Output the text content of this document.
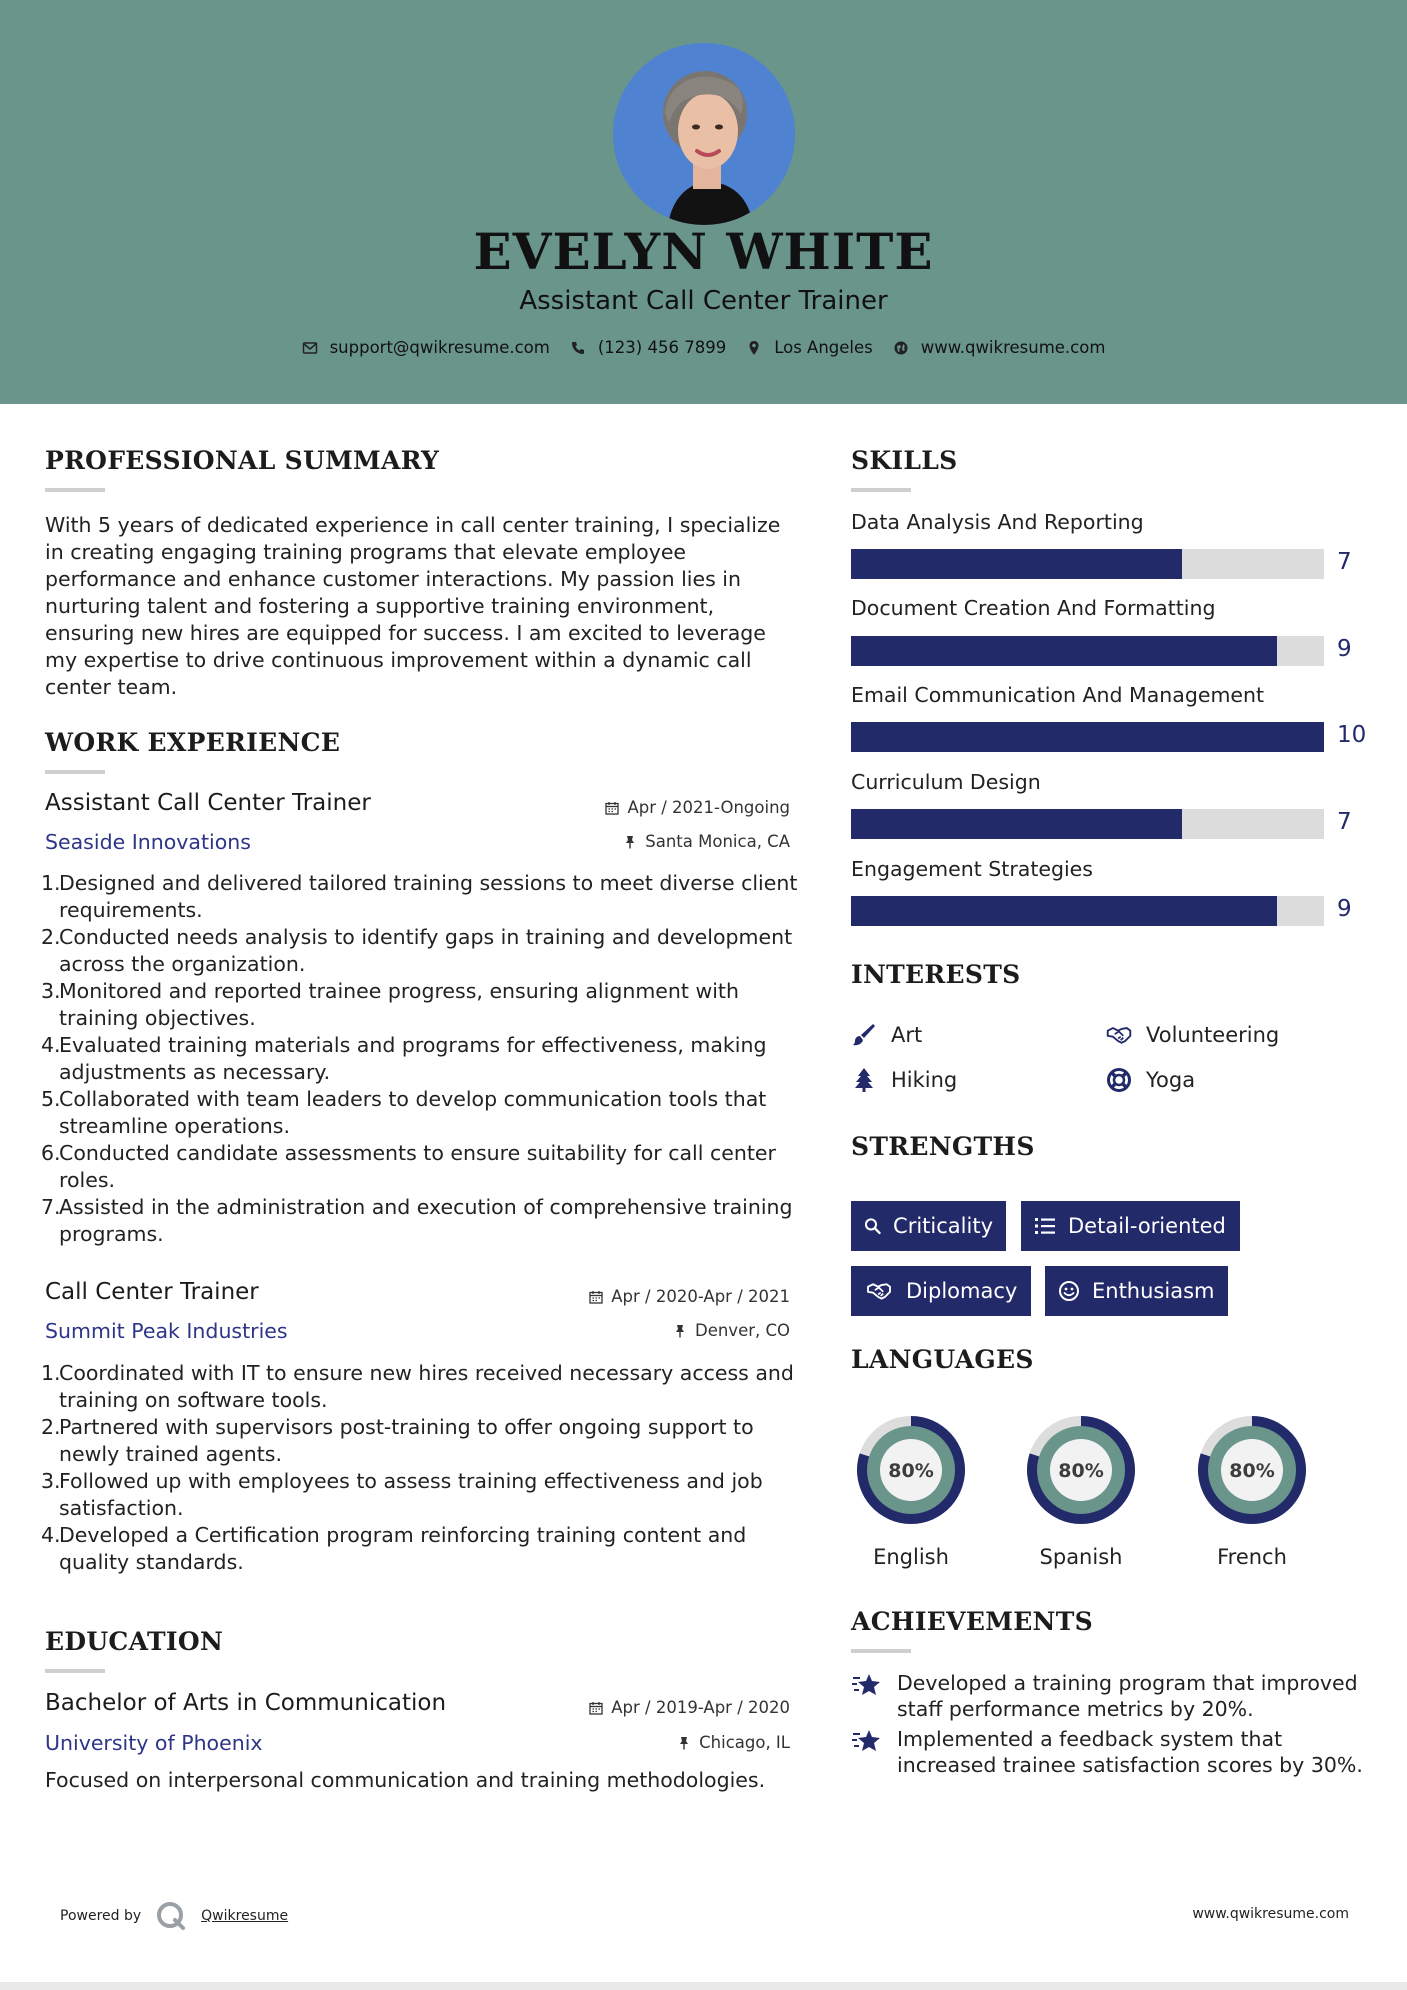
EVELYN WHITE
Assistant Call Center Trainer
support@qwikresume.com	(123) 456 7899	Los Angeles	www.qwikresume.com
PROFESSIONAL SUMMARY
With 5 years of dedicated experience in call center training, I specialize in creating engaging training programs that elevate employee performance and enhance customer interactions. My passion lies in nurturing talent and fostering a supportive training environment, ensuring new hires are equipped for success. I am excited to leverage my expertise to drive continuous improvement within a dynamic call center team.
WORK EXPERIENCE
Assistant Call Center Trainer	Apr / 2021-Ongoing
Seaside Innovations	Santa Monica, CA
1.
Designed and delivered tailored training sessions to meet diverse client requirements.
2.
Conducted needs analysis to identify gaps in training and development across the organization.
3.
Monitored and reported trainee progress, ensuring alignment with training objectives.
4.
Evaluated training materials and programs for effectiveness, making adjustments as necessary.
5.
Collaborated with team leaders to develop communication tools that streamline operations.
6.
Conducted candidate assessments to ensure suitability for call center roles.
7.
Assisted in the administration and execution of comprehensive training programs.
Call Center Trainer	Apr / 2020-Apr / 2021
Summit Peak Industries	Denver, CO
1.
Coordinated with IT to ensure new hires received necessary access and training on software tools.
2.
Partnered with supervisors post-training to offer ongoing support to newly trained agents.
3.
Followed up with employees to assess training effectiveness and job satisfaction.
4.
Developed a Certification program reinforcing training content and quality standards.
EDUCATION
Bachelor of Arts in Communication	Apr / 2019-Apr / 2020
University of Phoenix	Chicago, IL
Focused on interpersonal communication and training methodologies.
SKILLS
Data Analysis And Reporting
7
Document Creation And Formatting
9
Email Communication And Management
10
Curriculum Design
7
Engagement Strategies
9
INTERESTS
Art	Volunteering
Hiking	Yoga
STRENGTHS
Criticality	Detail-oriented
Diplomacy	Enthusiasm
LANGUAGES
80%
English
80%
Spanish
80%
French
ACHIEVEMENTS
Developed a training program that improved staff performance metrics by 20%.
Implemented a feedback system that increased trainee satisfaction scores by 30%.
Powered by	Qwikresume	www.qwikresume.com
